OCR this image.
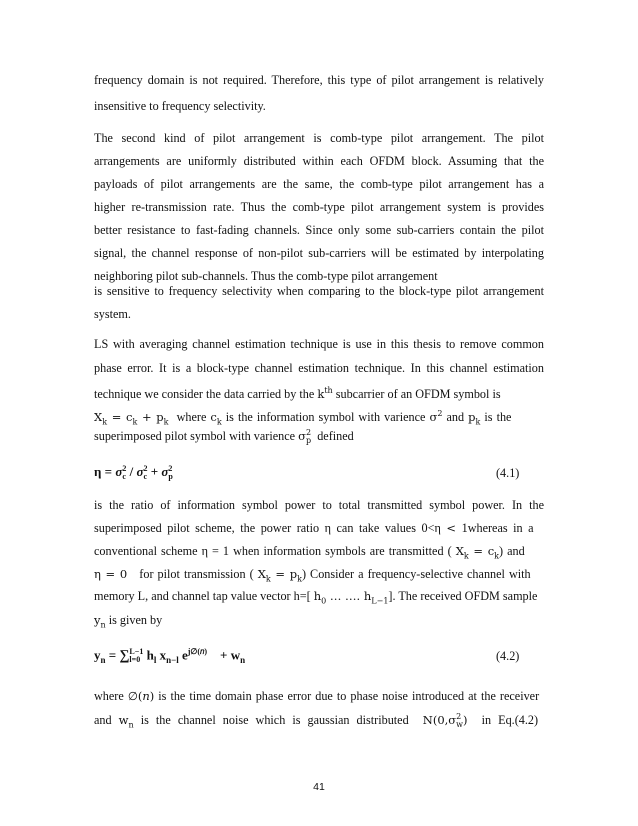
frequency domain is not required. Therefore, this type of pilot arrangement is relatively
insensitive to frequency selectivity.
The second kind of pilot arrangement is comb-type pilot arrangement. The pilot
arrangements are uniformly distributed within each OFDM block. Assuming that the
payloads of pilot arrangements are the same, the comb-type pilot arrangement has a
higher re-transmission rate. Thus the comb-type pilot arrangement system is provides
better resistance to fast-fading channels. Since only some sub-carriers contain the pilot
signal, the channel response of non-pilot sub-carriers will be estimated by interpolating
neighboring pilot sub-channels. Thus the comb-type pilot arrangement
is sensitive to frequency selectivity when comparing to the block-type pilot arrangement
system.
LS with averaging channel estimation technique is use in this thesis to remove common
phase error. It is a block-type channel estimation technique. In this channel estimation
technique we consider the data carried by the $k^{th}$ subcarrier of an OFDM symbol is
$X_k = c_k + p_k$ where $c_k$ is the information symbol with varience $\sigma^2$ and $p_k$ is the
superimposed pilot symbol with varience σ 2
p defined
η = σ 2
c / σ 2
c + σ 2
p	(4.1)
is the ratio of information symbol power to total transmitted symbol power. In the
superimposed pilot scheme, the power ratio η can take values 0<η < 1whereas in a
conventional scheme η = 1 when information symbols are transmitted ( $X_k = c_k$) and
η = 0 for pilot transmission ( $X_k = p_k$) Consider a frequency-selective channel with
memory L, and channel tap value vector h=[ $h_0$ … …. $h_{L-1}$]. The received OFDM sample
$y_n$ is given by
$y_n$ = ∑ L−1
l=0 $h_l$ $x_{n-l}$ $e^{j\emptyset(𝑛)}$    + $w_n$	(4.2)
where ∅(𝑛) is the time domain phase error due to phase noise introduced at the receiver
and $w_n$ is the channel noise which is gaussian distributed N(0,σ 2
w ) in Eq.(4.2)
41
